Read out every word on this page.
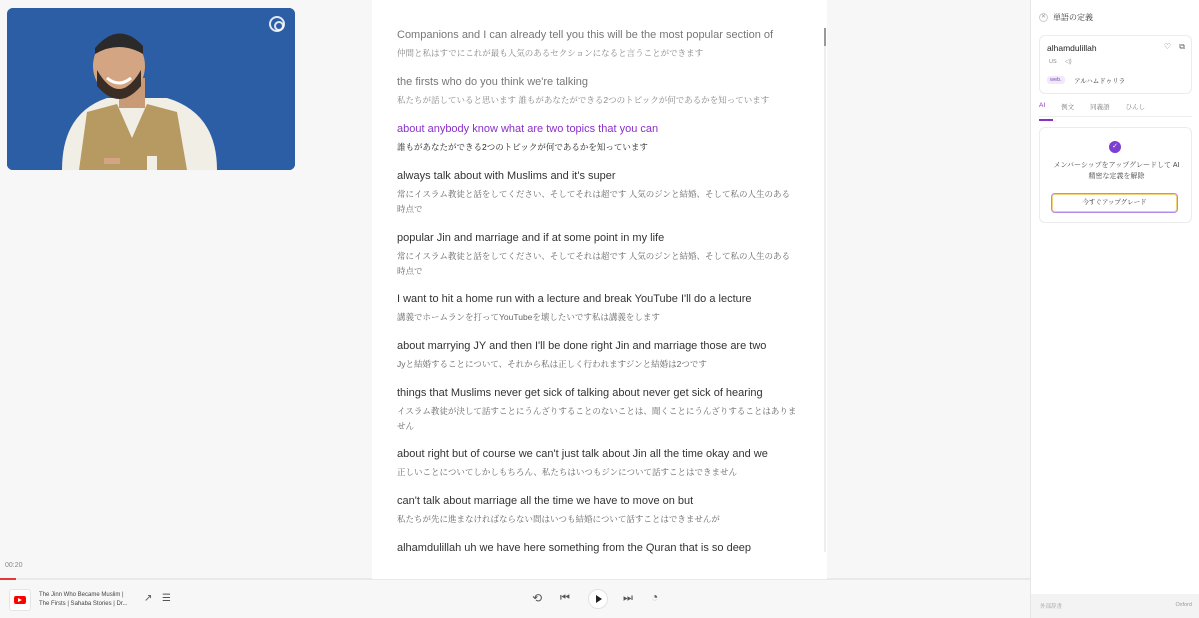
00:20
Companions and I can already tell you this will be the most popular section of
仲間と私はすでにこれが最も人気のあるセクションになると言うことができます
the firsts who do you think we're talking
私たちが話していると思います 誰もがあなたができる2つのトピックが何であるかを知っています
about anybody know what are two topics that you can
誰もがあなたができる2つのトピックが何であるかを知っています
always talk about with Muslims and it's super
常にイスラム教徒と話をしてください、そしてそれは超です 人気のジンと結婚、そして私の人生のある時点で
popular Jin and marriage and if at some point in my life
常にイスラム教徒と話をしてください、そしてそれは超です 人気のジンと結婚、そして私の人生のある時点で
I want to hit a home run with a lecture and break YouTube I'll do a lecture
講義でホームランを打ってYouTubeを壊したいです私は講義をします
about marrying JY and then I'll be done right Jin and marriage those are two
Jyと結婚することについて、それから私は正しく行われますジンと結婚は2つです
things that Muslims never get sick of talking about never get sick of hearing
イスラム教徒が決して話すことにうんざりすることのないことは、聞くことにうんざりすることはありません
about right but of course we can't just talk about Jin all the time okay and we
正しいことについてしかしもちろん、私たちはいつもジンについて話すことはできません
can't talk about marriage all the time we have to move on but
私たちが先に進まなければならない間はいつも結婚について話すことはできませんが
alhamdulillah uh we have here something from the Quran that is so deep
The Jinn Who Became Muslim |
The Firsts | Sahaba Stories | Dr...	↗ ☰	⟲ ⏮	⏭ ◔
✕ 単語の定義
alhamdulillah	♡ ⧉
US ◁)
web.	アルハムドゥリラ
AI 例文 同義語 ひんし
✓
メンバーシップをアップグレードして AI 精密な定義を解除
今すぐアップグレード
外部辞書	Oxford
